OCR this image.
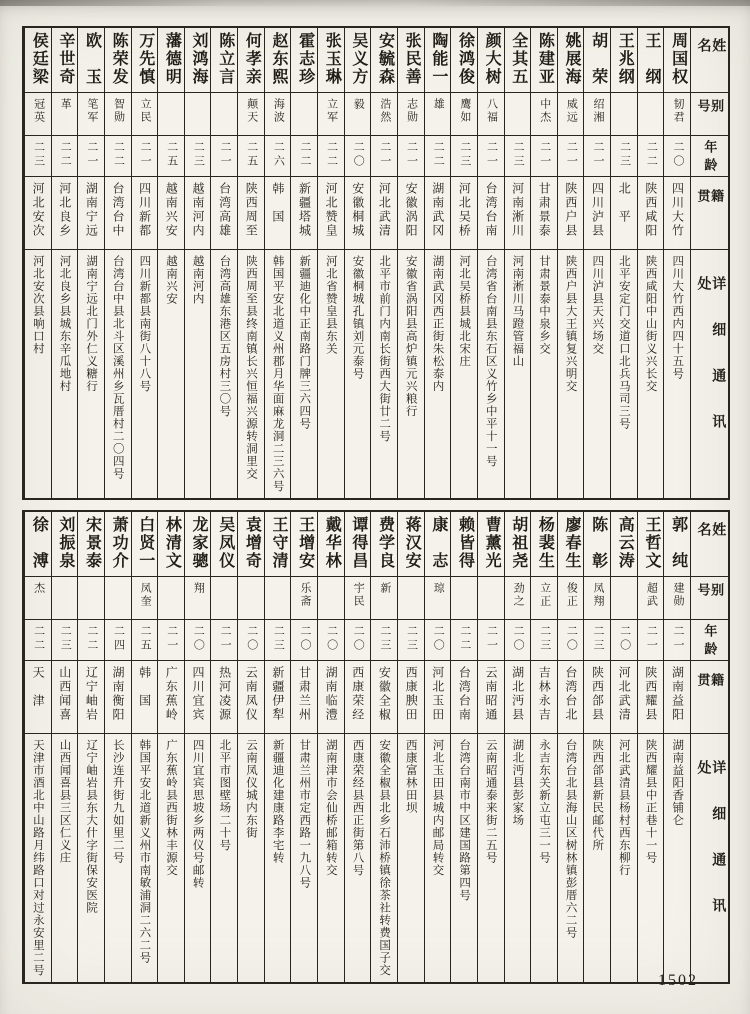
姓名
别号
年龄
籍贯
详细通讯处
周国权
韧君
二〇
四川大竹
四川大竹西内四十五号
王　纲
二二
陕西咸阳
陕西咸阳中山街义兴长交
王兆纲
二三
北　平
北平安定门交道口北兵马司三号
胡　荣
绍湘
二一
四川泸县
四川泸县天兴场交
姚展海
威远
二一
陕西户县
陕西户县大王镇复兴明交
陈建亚
中杰
二一
甘肃景泰
甘肃景泰中泉乡交
全其五
二三
河南淅川
河南淅川马蹬管福山
颜大树
八福
二一
台湾台南
台湾省台南县东石区义竹乡中平十一号
徐鸿俊
鹰如
二三
河北吴桥
河北吴桥县城北宋庄
陶能一
雄
二二
湖南武冈
湖南武冈西正街朱松泰内
张民善
志勋
二一
安徽涡阳
安徽省涡阳县高炉镇元兴粮行
安毓森
浩然
二一
河北武清
北平市前门内南长街西大街廿二号
吴义方
毅
二〇
安徽桐城
安徽桐城孔镇刘元泰号
张玉琳
立军
二二
河北赞皇
河北省赞皇县东关
霍志珍
二二
新疆塔城
新疆迪化中正南路门牌三六四号
赵东熙
海波
二六
韩　国
韩国平安北道义州郡月华面麻龙洞二三六号
何孝亲
颠天
二五
陕西周至
陕西周至县终南镇长兴恒福兴源转洞里交
陈立言
二一
台湾高雄
台湾高雄东港区五房村三〇号
刘鸿海
二三
越南河内
越南河内
藩德明
二五
越南兴安
越南兴安
万先慎
立民
二一
四川新都
四川新都县南街八十八号
陈荣发
智勋
二二
台湾台中
台湾台中县北斗区溪州乡瓦厝村二〇四号
欧　玉
笔军
二一
湖南宁远
湖南宁远北门外仁义糖行
辛世奇
革
二二
河北良乡
河北良乡县城东辛瓜地村
侯廷梁
冠英
二三
河北安次
河北安次县响口村
姓名
别号
年龄
籍贯
详细通讯处
郭　纯
建勋
二一
湖南益阳
湖南益阳香铺仑
王哲文
超武
二一
陕西耀县
陕西耀县中正巷十一号
高云涛
二〇
河北武清
河北武清县杨村西东柳行
陈　彰
凤翔
二三
陕西郃县
陕西郃县新民邮代所
廖春生
俊正
二〇
台湾台北
台湾台北县海山区树林镇彭厝六二号
杨裴生
立正
二三
吉林永吉
永吉东关新立屯三一号
胡祖尧
劲之
二〇
湖北沔县
湖北沔县彭家场
曹薰光
二一
云南昭通
云南昭通泰来街二五号
赖皆得
二二
台湾台南
台湾台南市中区建国路第四号
康　志
琼
二〇
河北玉田
河北玉田县城内邮局转交
蒋汉安
二三
西康腴田
西康富林田坝
费学良
新
二三
安徽全椒
安徽全椒县北乡石沛桥镇徐茶社转费国子交
谭得昌
宇民
二〇
西康荣经
西康荣经县西正街第八号
戴华林
二〇
湖南临澧
湖南津市会仙桥邮箱转交
王增安
乐斋
二〇
甘肃兰州
甘肃兰州市定西路一九八号
王守清
二三
新疆伊犁
新疆迪化建康路李宅转
袁增奇
二〇
云南凤仪
云南凤仪城内东街
吴凤仪
二一
热河凌源
北平市图壁场二十号
龙家骢
翔
二〇
四川宜宾
四川宜宾思坡乡两仪号邮转
林清文
二一
广东蕉岭
广东蕉岭县西街林丰源交
白贤一
凤奎
二五
韩　国
韩国平安北道新义州市南敏浦洞二六二号
萧功介
二四
湖南衡阳
长沙连升街九如里二号
宋景泰
二二
辽宁岫岩
辽宁岫岩县东大什字街保安医院
刘振泉
二三
山西闻喜
山西闻喜县三区仁义庄
徐　溥
杰
二二
天　津
天津市酒北中山路月纬路口对过永安里二号
1502
